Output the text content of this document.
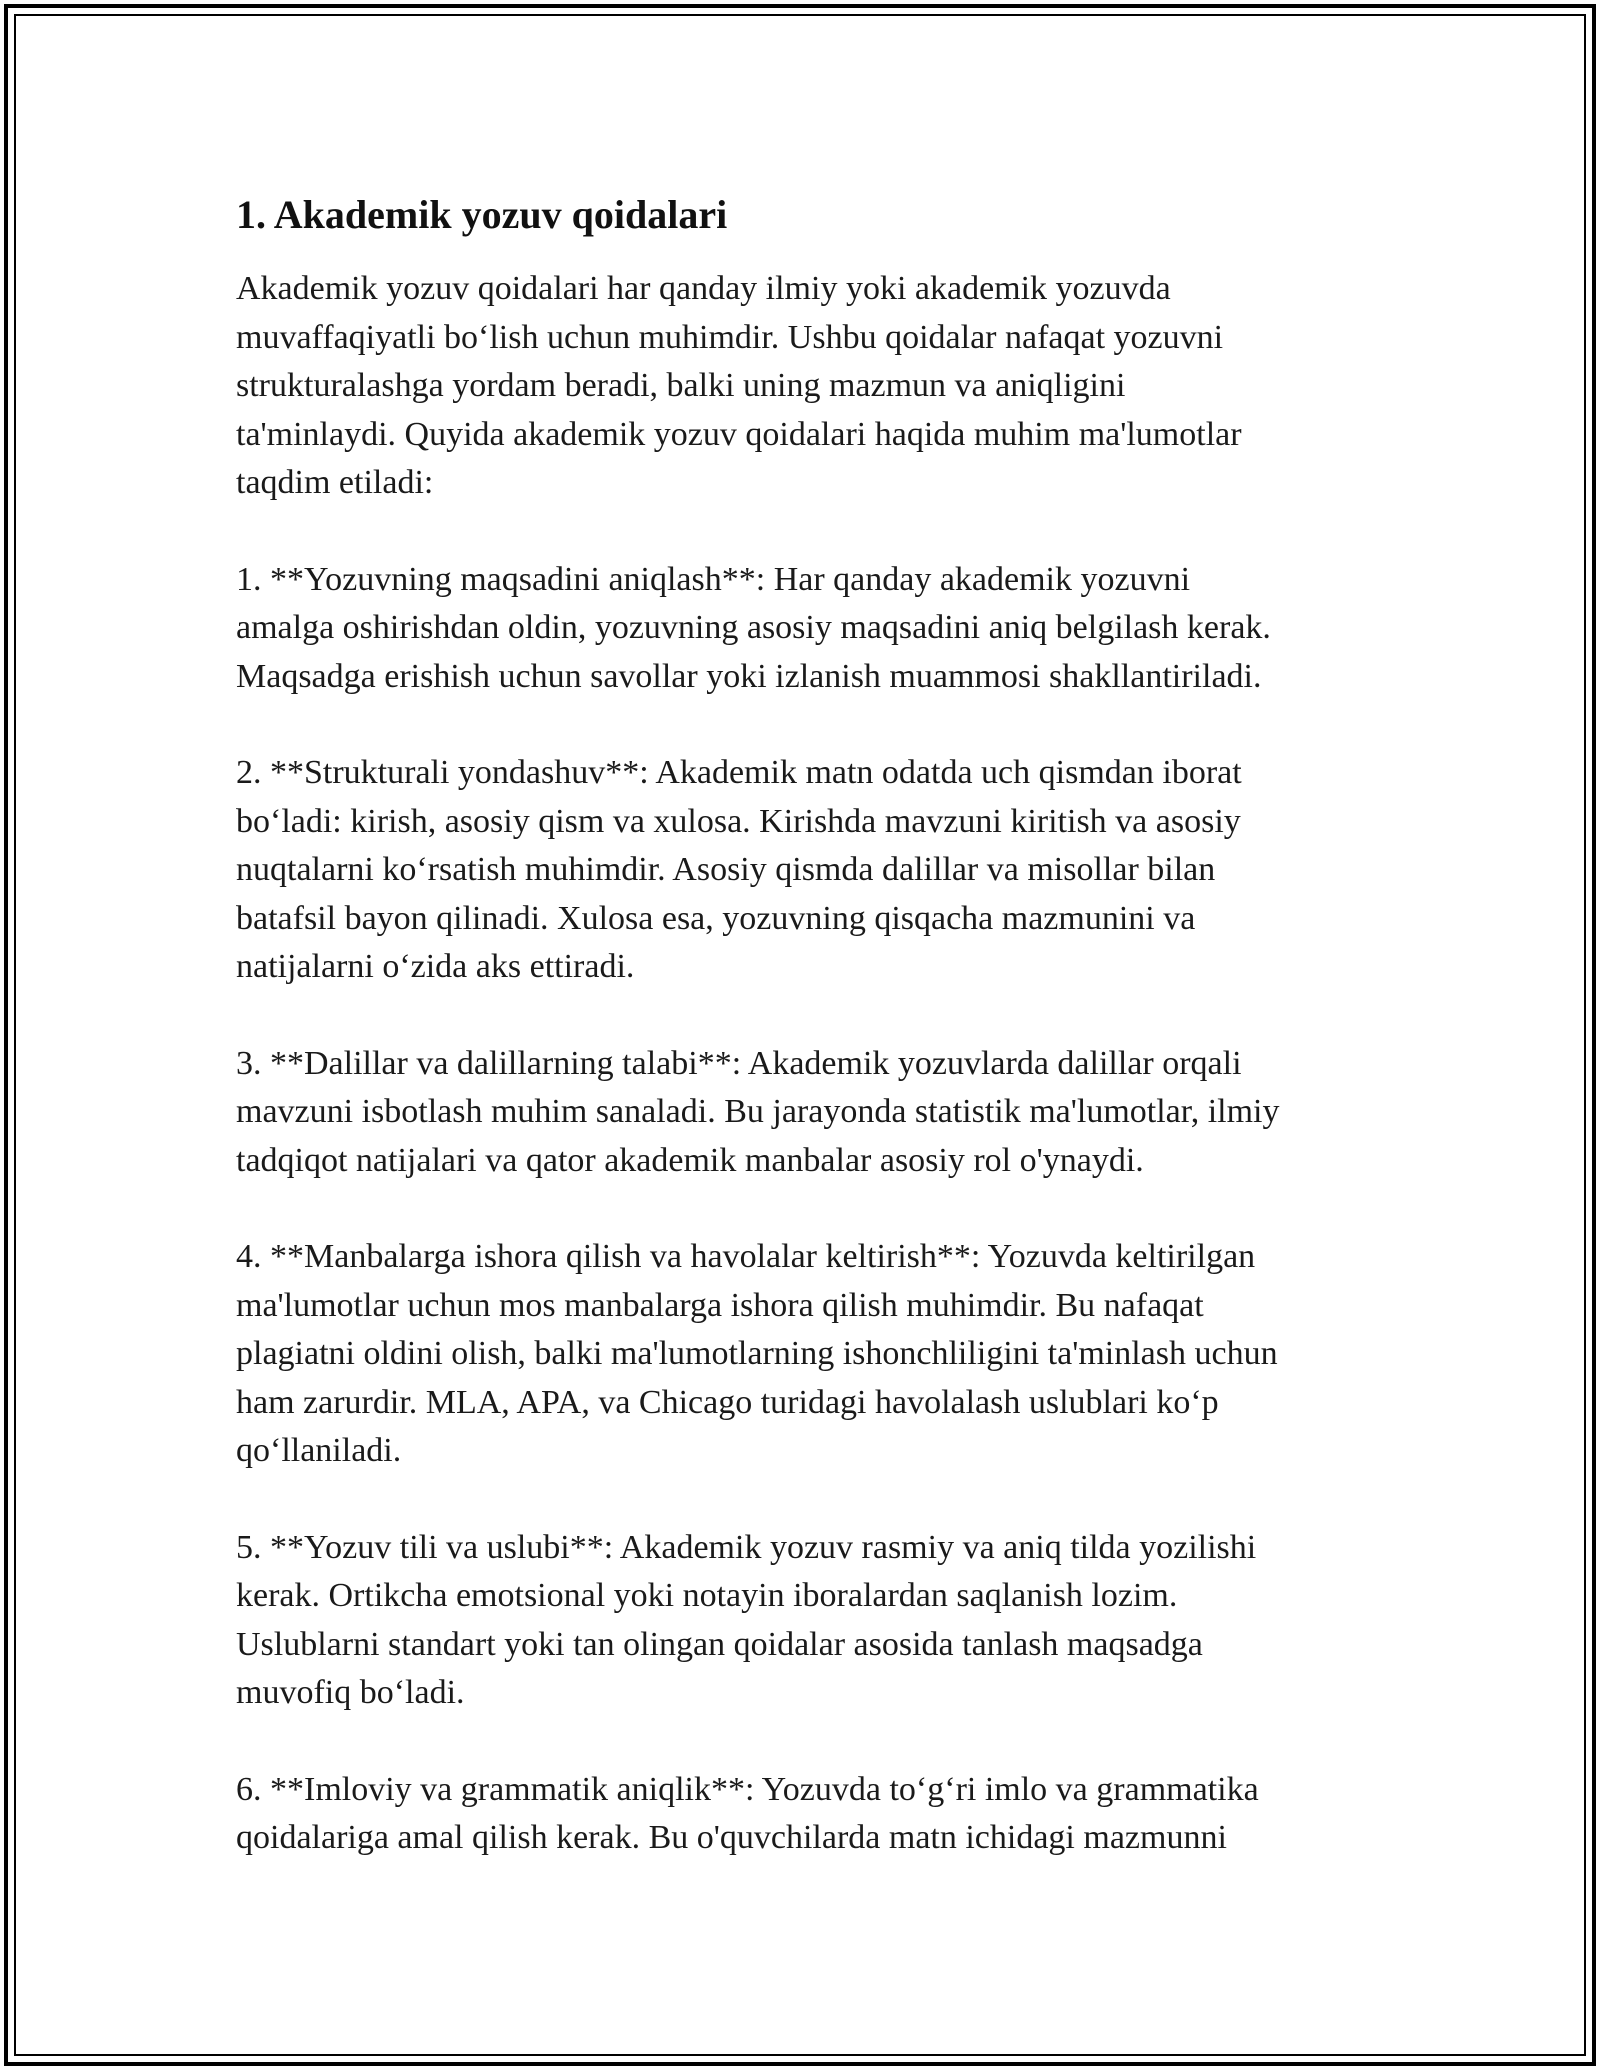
1. Akademik yozuv qoidalari

Akademik yozuv qoidalari har qanday ilmiy yoki akademik yozuvda
muvaffaqiyatli bo‘lish uchun muhimdir. Ushbu qoidalar nafaqat yozuvni
strukturalashga yordam beradi, balki uning mazmun va aniqligini
ta'minlaydi. Quyida akademik yozuv qoidalari haqida muhim ma'lumotlar
taqdim etiladi:

1. **Yozuvning maqsadini aniqlash**: Har qanday akademik yozuvni
amalga oshirishdan oldin, yozuvning asosiy maqsadini aniq belgilash kerak.
Maqsadga erishish uchun savollar yoki izlanish muammosi shakllantiriladi.

2. **Strukturali yondashuv**: Akademik matn odatda uch qismdan iborat
bo‘ladi: kirish, asosiy qism va xulosa. Kirishda mavzuni kiritish va asosiy
nuqtalarni ko‘rsatish muhimdir. Asosiy qismda dalillar va misollar bilan
batafsil bayon qilinadi. Xulosa esa, yozuvning qisqacha mazmunini va
natijalarni o‘zida aks ettiradi.

3. **Dalillar va dalillarning talabi**: Akademik yozuvlarda dalillar orqali
mavzuni isbotlash muhim sanaladi. Bu jarayonda statistik ma'lumotlar, ilmiy
tadqiqot natijalari va qator akademik manbalar asosiy rol o'ynaydi.

4. **Manbalarga ishora qilish va havolalar keltirish**: Yozuvda keltirilgan
ma'lumotlar uchun mos manbalarga ishora qilish muhimdir. Bu nafaqat
plagiatni oldini olish, balki ma'lumotlarning ishonchliligini ta'minlash uchun
ham zarurdir. MLA, APA, va Chicago turidagi havolalash uslublari ko‘p
qo‘llaniladi.

5. **Yozuv tili va uslubi**: Akademik yozuv rasmiy va aniq tilda yozilishi
kerak. Ortikcha emotsional yoki notayin iboralardan saqlanish lozim.
Uslublarni standart yoki tan olingan qoidalar asosida tanlash maqsadga
muvofiq bo‘ladi.

6. **Imloviy va grammatik aniqlik**: Yozuvda to‘g‘ri imlo va grammatika
qoidalariga amal qilish kerak. Bu o'quvchilarda matn ichidagi mazmunni
